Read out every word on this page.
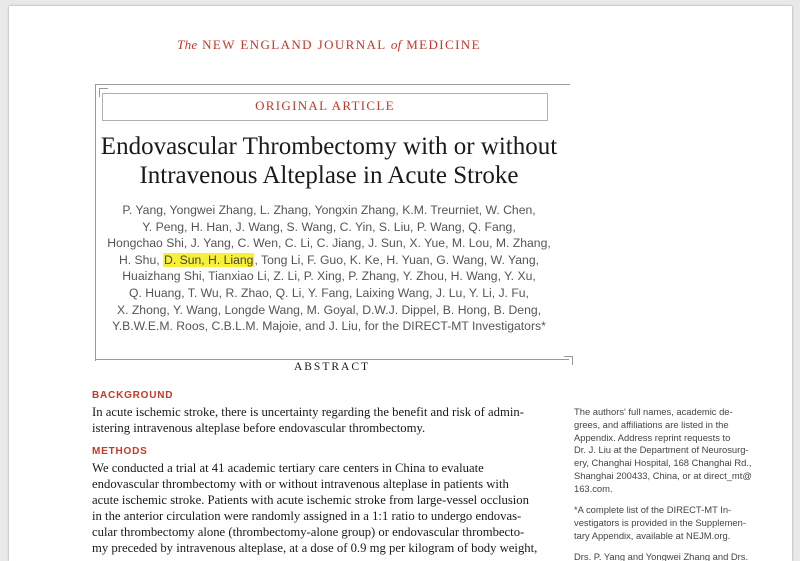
The NEW ENGLAND JOURNAL of MEDICINE
ORIGINAL ARTICLE
Endovascular Thrombectomy with or without
Intravenous Alteplase in Acute Stroke
P. Yang, Yongwei Zhang, L. Zhang, Yongxin Zhang, K.M. Treurniet, W. Chen,
Y. Peng, H. Han, J. Wang, S. Wang, C. Yin, S. Liu, P. Wang, Q. Fang,
Hongchao Shi, J. Yang, C. Wen, C. Li, C. Jiang, J. Sun, X. Yue, M. Lou, M. Zhang,
H. Shu, D. Sun, H. Liang, Tong Li, F. Guo, K. Ke, H. Yuan, G. Wang, W. Yang,
Huaizhang Shi, Tianxiao Li, Z. Li, P. Xing, P. Zhang, Y. Zhou, H. Wang, Y. Xu,
Q. Huang, T. Wu, R. Zhao, Q. Li, Y. Fang, Laixing Wang, J. Lu, Y. Li, J. Fu,
X. Zhong, Y. Wang, Longde Wang, M. Goyal, D.W.J. Dippel, B. Hong, B. Deng,
Y.B.W.E.M. Roos, C.B.L.M. Majoie, and J. Liu, for the DIRECT-MT Investigators*
ABSTRACT
BACKGROUND
In acute ischemic stroke, there is uncertainty regarding the benefit and risk of admin-
istering intravenous alteplase before endovascular thrombectomy.
METHODS
We conducted a trial at 41 academic tertiary care centers in China to evaluate
endovascular thrombectomy with or without intravenous alteplase in patients with
acute ischemic stroke. Patients with acute ischemic stroke from large-vessel occlusion
in the anterior circulation were randomly assigned in a 1:1 ratio to undergo endovas-
cular thrombectomy alone (thrombectomy-alone group) or endovascular thrombecto-
my preceded by intravenous alteplase, at a dose of 0.9 mg per kilogram of body weight,
The authors' full names, academic de-
grees, and affiliations are listed in the
Appendix. Address reprint requests to
Dr. J. Liu at the Department of Neurosurg-
ery, Changhai Hospital, 168 Changhai Rd.,
Shanghai 200433, China, or at direct_mt@
163.com.
*A complete list of the DIRECT-MT In-
vestigators is provided in the Supplemen-
tary Appendix, available at NEJM.org.
Drs. P. Yang and Yongwei Zhang and Drs.
